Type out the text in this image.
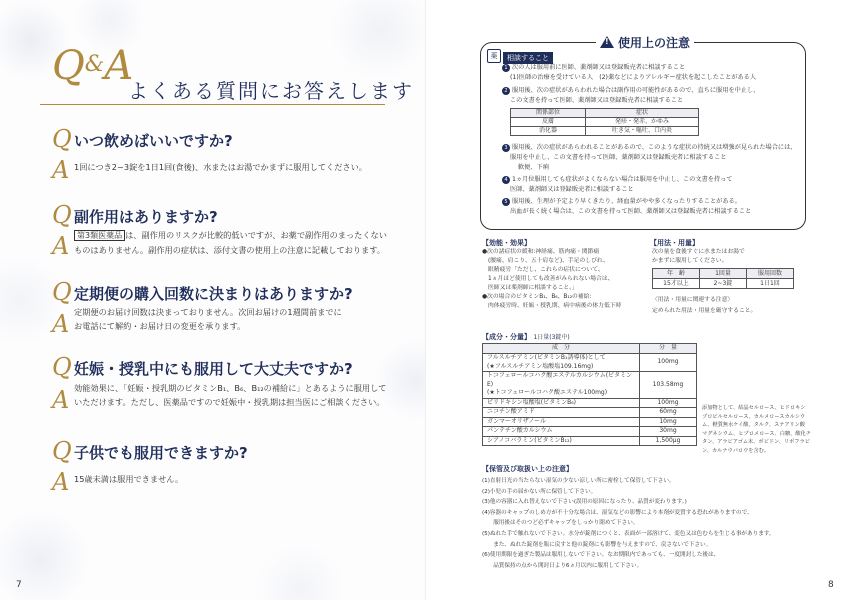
Q&A
よくある質問にお答えします
Q いつ飲めばいいですか?
A 1回につき2~3錠を1日1回(食後)、水またはお湯でかまずに服用してください。
Q 副作用はありますか?
A 第3類医薬品 は、副作用のリスクが比較的低いですが、お薬で副作用のまったくない
ものはありません。副作用の症状は、添付文書の使用上の注意に記載しております。
Q 定期便の購入回数に決まりはありますか?
A 定期便のお届け回数は決まっておりません。次回お届けの1週間前までに
お電話にて解約・お届け日の変更を承ります。
Q 妊娠・授乳中にも服用して大丈夫ですか?
A 効能効果に、「妊娠・授乳期のビタミンB₁、B₆、B₁₂の補給に」とあるように服用して
いただけます。ただし、医薬品ですので妊娠中・授乳期は担当医にご相談ください。
Q 子供でも服用できますか?
A 15歳未満は服用できません。
7
!使用上の注意
薬	相談すること
1 次の人は服用前に医師、薬剤師又は登録販売者に相談すること
(1)医師の治療を受けている人　(2)薬などによりアレルギー症状を起こしたことがある人
2 服用後、次の症状があらわれた場合は副作用の可能性があるので、直ちに服用を中止し、
この文書を持って医師、薬剤師又は登録販売者に相談すること
関係部位	症状
皮膚	発疹・発赤、かゆみ
消化器	吐き気・嘔吐、口内炎
3 服用後、次の症状があらわれることがあるので、このような症状の持続又は増強が見られた場合には、
服用を中止し、この文書を持って医師、薬剤師又は登録販売者に相談すること
軟便、下痢
4 1ヵ月位服用しても症状がよくならない場合は服用を中止し、この文書を持って
医師、薬剤師又は登録販売者に相談すること
5 服用後、生理が予定より早くきたり、経血量がやや多くなったりすることがある。
出血が長く続く場合は、この文書を持って医師、薬剤師又は登録販売者に相談すること
【効能・効果】
●次の諸症状の緩和:神経痛、筋肉痛・関節痛
(腰痛、肩こり、五十肩など)、手足のしびれ、
眼精疲労「ただし、これらの症状について、
1ヵ月ほど使用しても改善がみられない場合は、
医師又は薬剤師に相談すること。」
●次の場合のビタミンB₁、B₆、B₁₂の補給:
肉体疲労時、妊娠・授乳期、病中病後の体力低下時
【用法・用量】
次の量を食後すぐに水またはお湯で
かまずに服用してください。
年　齢	1回量	服用回数
15才以上	2~3錠	1日1回
〈用法・用量に関連する注意〉
定められた用法・用量を厳守すること。
【成分・分量】 1日量(3錠中)
成　分	分　量

フルスルチアミン(ビタミンB₁誘導体)として
(★フルスルチアミン塩酸塩109.16mg)	100mg

トコフェロールコハク酸エステルカルシウム(ビタミンE)
(★トコフェロールコハク酸エステル100mg)	103.58mg
ピリドキシン塩酸塩(ビタミンB₆)	100mg
ニコチン酸アミド	60mg
ガンマーオリザノール	10mg
パンテチン酸カルシウム	30mg
シアノコバラミン(ビタミンB₁₂)	1,500μg
添加物として、結晶セルロース、ヒドロキシ
プロピルセルロース、カルメロースカルシウ
ム、軽質無水ケイ酸、タルク、ステアリン酸
マグネシウム、ヒプロメロース、白糖、酸化チ
タン、アラビアゴム末、ポビドン、リボフラビ
ン、カルナウバロウを含む。
【保管及び取扱い上の注意】
(1)直射日光の当たらない湿気の少ない涼しい所に密栓して保管して下さい。
(2)小児の手の届かない所に保管して下さい。
(3)他の容器に入れ替えないで下さい(誤用の原因になったり、品質が変わります。)
(4)容器のキャップのしめ方が不十分な場合は、湿気などの影響により本剤が変質する恐れがありますので、
　　服用後はそのつど必ずキャップをしっかり閉めて下さい。
(5)ぬれた手で触れないで下さい。水分が錠剤につくと、表面が一部溶けて、変色又は色むらを生じる事があります。
　　また、ぬれた錠剤を瓶に戻すと他の錠剤にも影響を与えますので、戻さないで下さい。
(6)使用期限を過ぎた製品は服用しないで下さい。なお期限内であっても、一度開封した後は、
　　品質保持の点から開封日より6ヵ月以内に服用して下さい。
8
